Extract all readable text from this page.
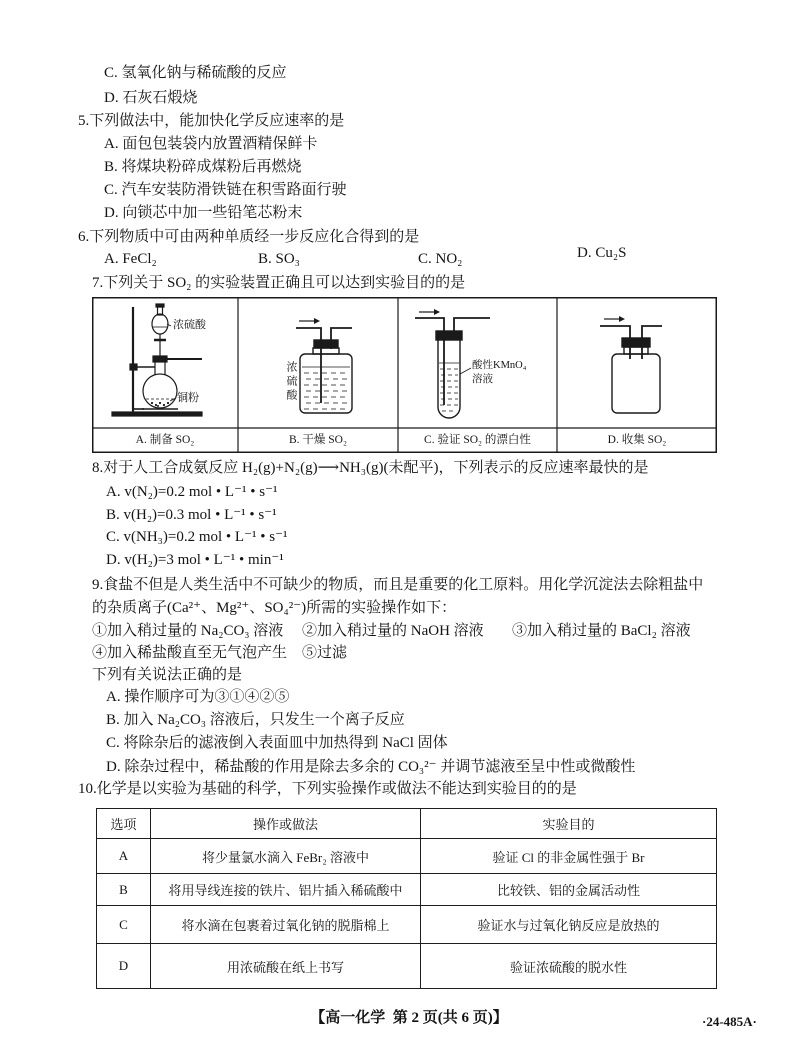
C. 氢氧化钠与稀硫酸的反应
D. 石灰石煅烧
5.下列做法中，能加快化学反应速率的是
A. 面包包装袋内放置酒精保鲜卡
B. 将煤块粉碎成煤粉后再燃烧
C. 汽车安装防滑铁链在积雪路面行驶
D. 向锁芯中加一些铅笔芯粉末
6.下列物质中可由两种单质经一步反应化合得到的是
A. FeCl₂	B. SO₃	C. NO₂	D. Cu₂S
7.下列关于 SO₂ 的实验装置正确且可以达到实验目的的是
浓硫酸
铜粉	浓硫酸	酸性KMnO₄
溶液
A. 制备 SO₂	B. 干燥 SO₂	C. 验证 SO₂ 的漂白性	D. 收集 SO₂
8.对于人工合成氨反应 H₂(g)+N₂(g)⟶NH₃(g)(未配平)，下列表示的反应速率最快的是
A. v(N₂)=0.2 mol • L⁻¹ • s⁻¹
B. v(H₂)=0.3 mol • L⁻¹ • s⁻¹
C. v(NH₃)=0.2 mol • L⁻¹ • s⁻¹
D. v(H₂)=3 mol • L⁻¹ • min⁻¹
9.食盐不但是人类生活中不可缺少的物质，而且是重要的化工原料。用化学沉淀法去除粗盐中
的杂质离子(Ca²⁺、Mg²⁺、SO₄²⁻)所需的实验操作如下：
①加入稍过量的 Na₂CO₃ 溶液 ②加入稍过量的 NaOH 溶液 ③加入稍过量的 BaCl₂ 溶液
④加入稀盐酸直至无气泡产生 ⑤过滤
下列有关说法正确的是
A. 操作顺序可为③①④②⑤
B. 加入 Na₂CO₃ 溶液后，只发生一个离子反应
C. 将除杂后的滤液倒入表面皿中加热得到 NaCl 固体
D. 除杂过程中，稀盐酸的作用是除去多余的 CO₃²⁻ 并调节滤液至呈中性或微酸性
10.化学是以实验为基础的科学，下列实验操作或做法不能达到实验目的的是
选项	操作或做法	实验目的
A	将少量氯水滴入 FeBr₂ 溶液中	验证 Cl 的非金属性强于 Br
B	将用导线连接的铁片、铝片插入稀硫酸中	比较铁、铝的金属活动性
C	将水滴在包裹着过氧化钠的脱脂棉上	验证水与过氧化钠反应是放热的
D	用浓硫酸在纸上书写	验证浓硫酸的脱水性
【高一化学  第 2 页(共 6 页)】	·24-485A·
